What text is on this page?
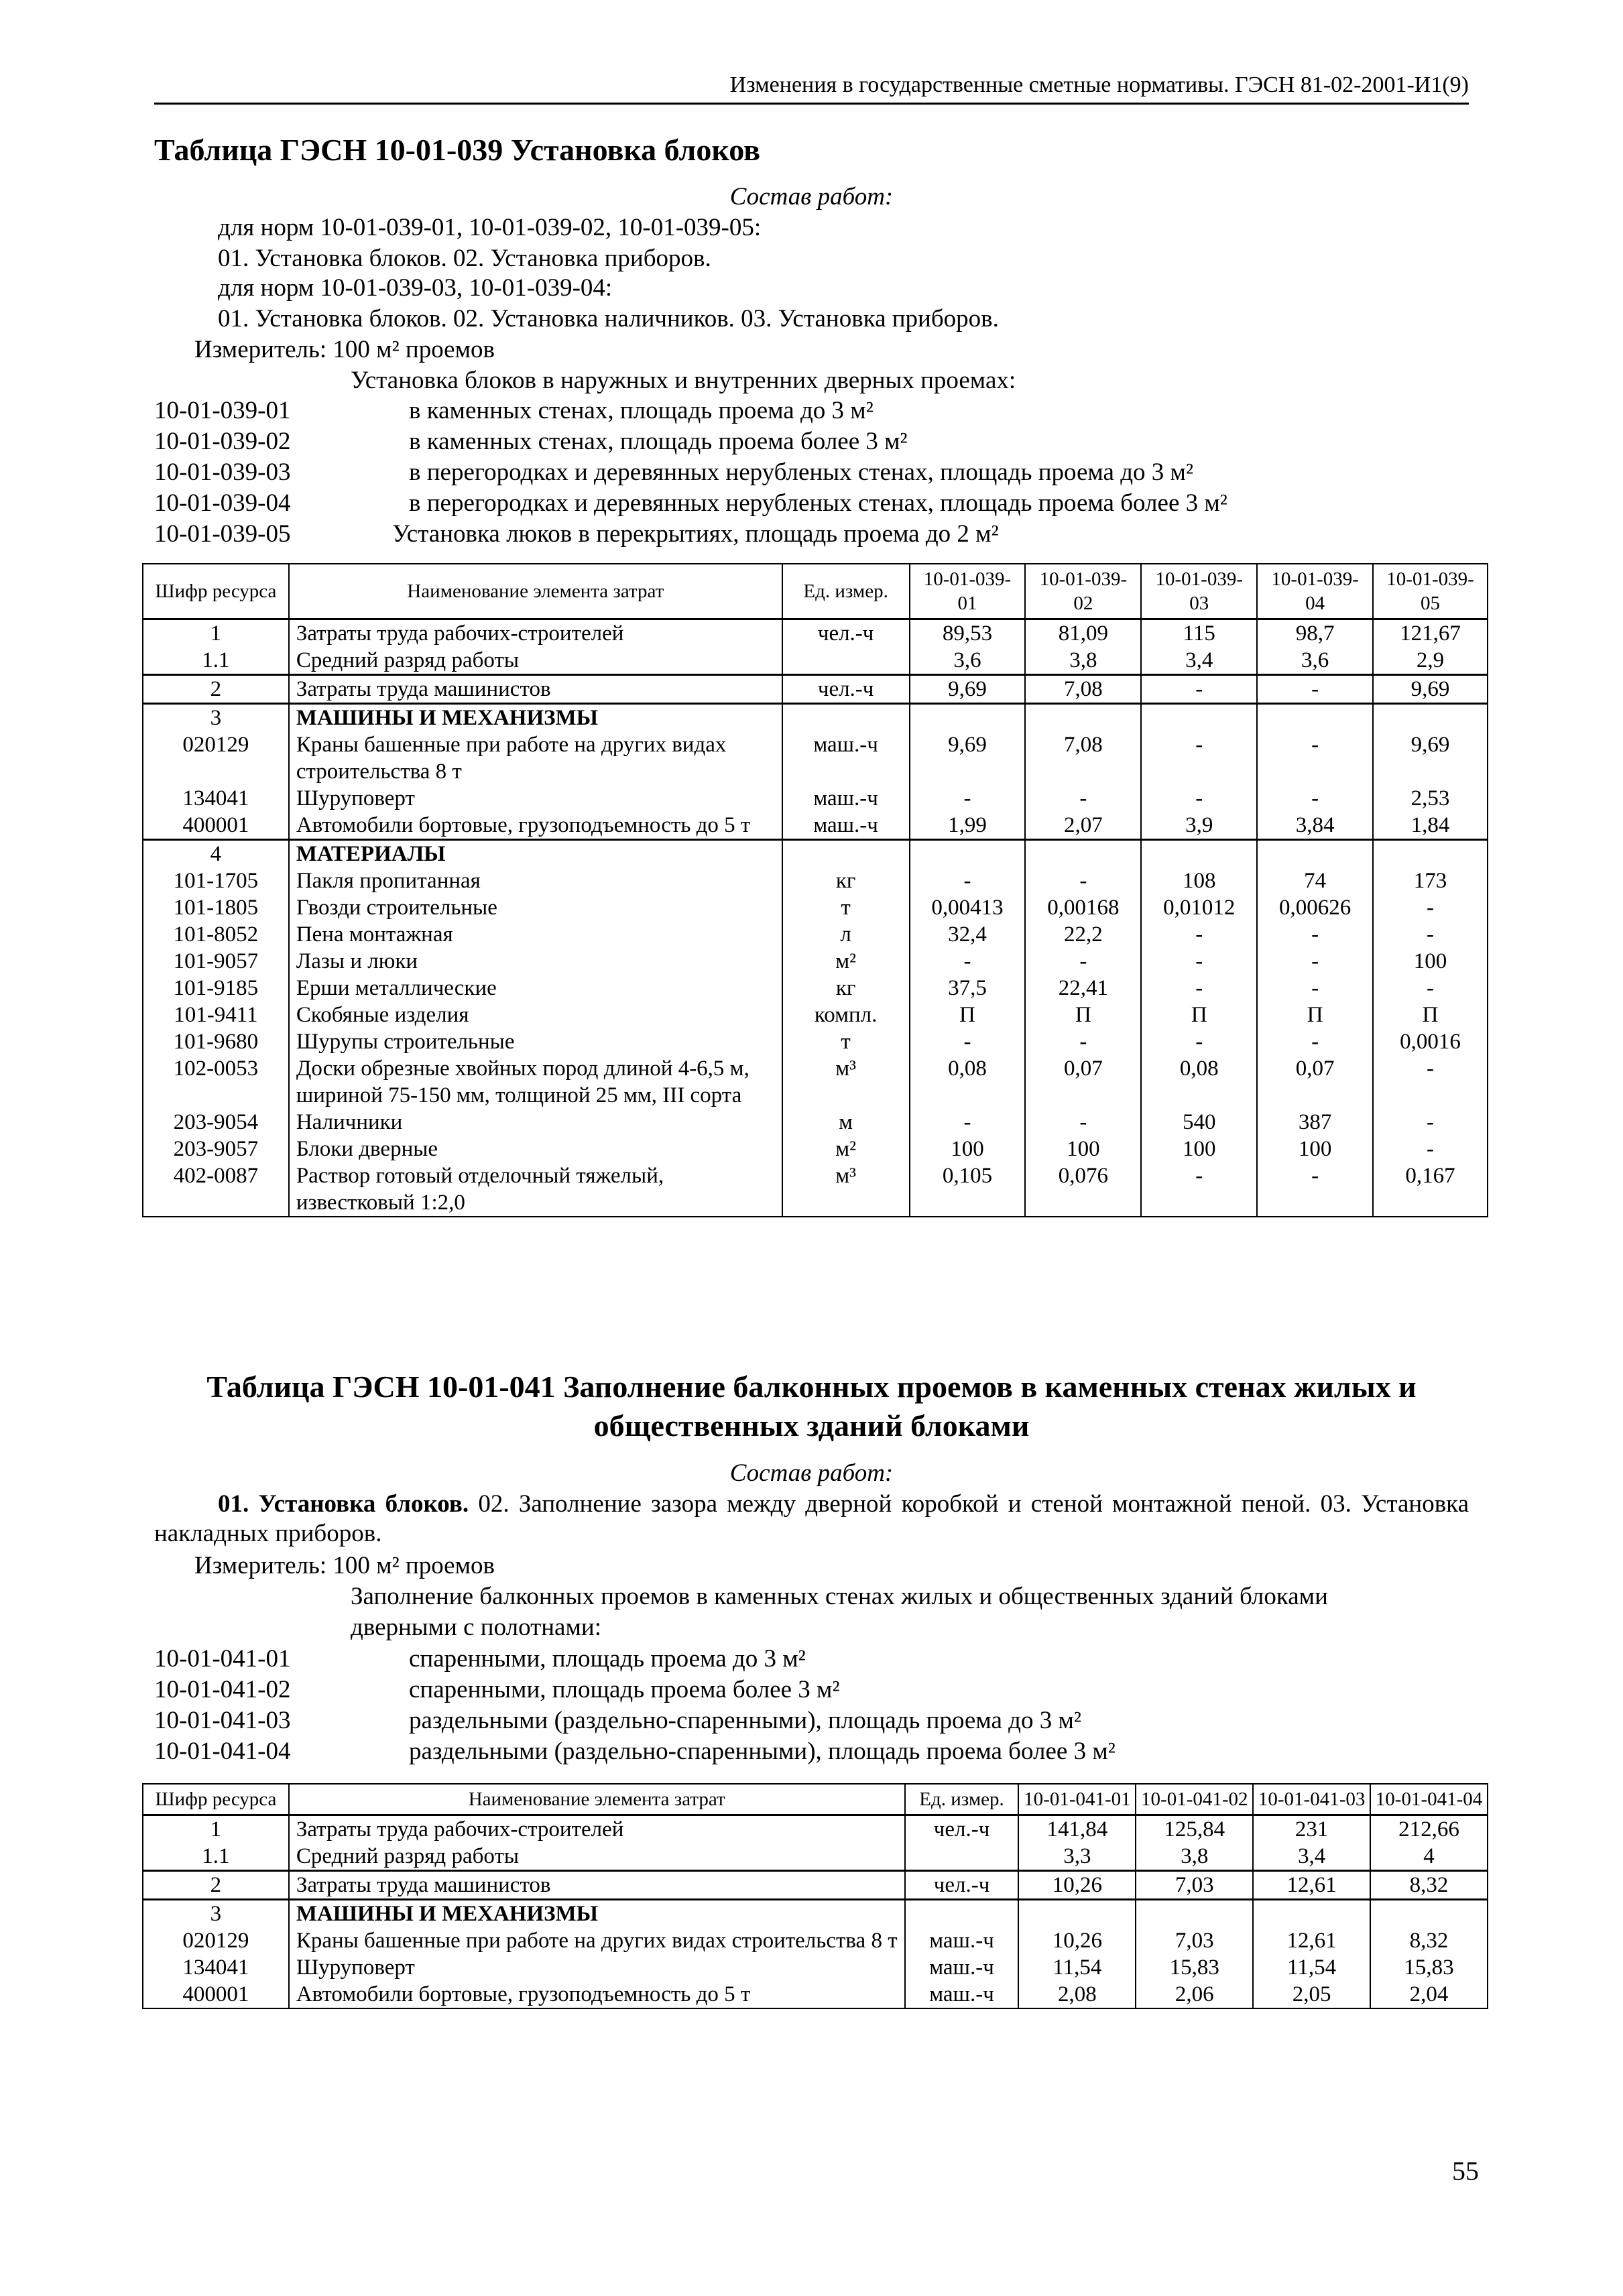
Изменения в государственные сметные нормативы. ГЭСН 81-02-2001-И1(9)
Таблица ГЭСН 10-01-039 Установка блоков
Состав работ:
для норм 10-01-039-01, 10-01-039-02, 10-01-039-05:
01. Установка блоков. 02. Установка приборов.
для норм 10-01-039-03, 10-01-039-04:
01. Установка блоков. 02. Установка наличников. 03. Установка приборов.
Измеритель: 100 м² проемов
Установка блоков в наружных и внутренних дверных проемах:
10-01-039-01	в каменных стенах, площадь проема до 3 м²
10-01-039-02	в каменных стенах, площадь проема более 3 м²
10-01-039-03	в перегородках и деревянных нерубленых стенах, площадь проема до 3 м²
10-01-039-04	в перегородках и деревянных нерубленых стенах, площадь проема более 3 м²
10-01-039-05	Установка люков в перекрытиях, площадь проема до 2 м²
Шифр ресурса	Наименование элемента затрат	Ед. измер.	10-01-039-01	10-01-039-02	10-01-039-03	10-01-039-04	10-01-039-05
1	Затраты труда рабочих-строителей	чел.-ч	89,53	81,09	115	98,7	121,67
1.1	Средний разряд работы		3,6	3,8	3,4	3,6	2,9
2	Затраты труда машинистов	чел.-ч	9,69	7,08	-	-	9,69
3	МАШИНЫ И МЕХАНИЗМЫ						
020129	Краны башенные при работе на других видах строительства 8 т	маш.-ч	9,69	7,08	-	-	9,69
134041	Шуруповерт	маш.-ч	-	-	-	-	2,53
400001	Автомобили бортовые, грузоподъемность до 5 т	маш.-ч	1,99	2,07	3,9	3,84	1,84
4	МАТЕРИАЛЫ						
101-1705	Пакля пропитанная	кг	-	-	108	74	173
101-1805	Гвозди строительные	т	0,00413	0,00168	0,01012	0,00626	-
101-8052	Пена монтажная	л	32,4	22,2	-	-	-
101-9057	Лазы и люки	м²	-	-	-	-	100
101-9185	Ерши металлические	кг	37,5	22,41	-	-	-
101-9411	Скобяные изделия	компл.	П	П	П	П	П
101-9680	Шурупы строительные	т	-	-	-	-	0,0016
102-0053	Доски обрезные хвойных пород длиной 4-6,5 м, шириной 75-150 мм, толщиной 25 мм, III сорта	м³	0,08	0,07	0,08	0,07	-
203-9054	Наличники	м	-	-	540	387	-
203-9057	Блоки дверные	м²	100	100	100	100	-
402-0087	Раствор готовый отделочный тяжелый, известковый 1:2,0	м³	0,105	0,076	-	-	0,167
Таблица ГЭСН 10-01-041 Заполнение балконных проемов в каменных стенах жилых и
общественных зданий блоками
Состав работ:
01. Установка блоков. 02. Заполнение зазора между дверной коробкой и стеной монтажной пеной. 03. Установка накладных приборов.
Измеритель: 100 м² проемов
Заполнение балконных проемов в каменных стенах жилых и общественных зданий блоками
дверными с полотнами:
10-01-041-01	спаренными, площадь проема до 3 м²
10-01-041-02	спаренными, площадь проема более 3 м²
10-01-041-03	раздельными (раздельно-спаренными), площадь проема до 3 м²
10-01-041-04	раздельными (раздельно-спаренными), площадь проема более 3 м²
Шифр ресурса	Наименование элемента затрат	Ед. измер.	10-01-041-01	10-01-041-02	10-01-041-03	10-01-041-04
1	Затраты труда рабочих-строителей	чел.-ч	141,84	125,84	231	212,66
1.1	Средний разряд работы		3,3	3,8	3,4	4
2	Затраты труда машинистов	чел.-ч	10,26	7,03	12,61	8,32
3	МАШИНЫ И МЕХАНИЗМЫ					
020129	Краны башенные при работе на других видах строительства 8 т	маш.-ч	10,26	7,03	12,61	8,32
134041	Шуруповерт	маш.-ч	11,54	15,83	11,54	15,83
400001	Автомобили бортовые, грузоподъемность до 5 т	маш.-ч	2,08	2,06	2,05	2,04
55
